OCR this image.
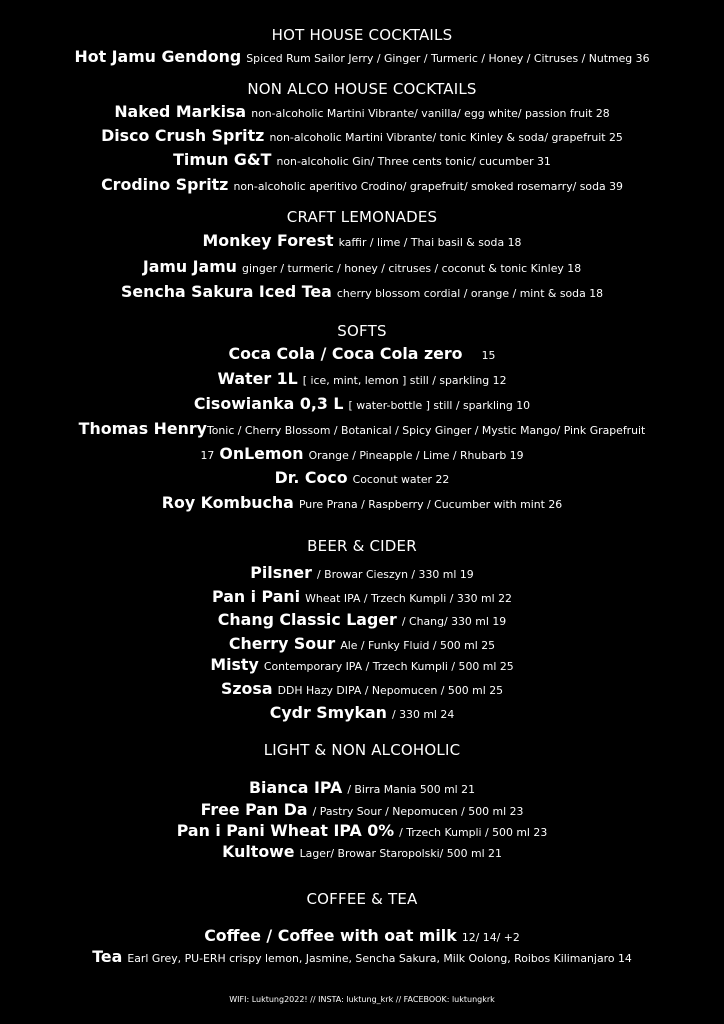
HOT HOUSE COCKTAILS
Hot Jamu Gendong Spiced Rum Sailor Jerry / Ginger / Turmeric / Honey / Citruses / Nutmeg 36
NON ALCO HOUSE COCKTAILS
Naked Markisa non-alcoholic Martini Vibrante/ vanilla/ egg white/ passion fruit 28
Disco Crush Spritz non-alcoholic Martini Vibrante/ tonic Kinley & soda/ grapefruit 25
Timun G&T non-alcoholic Gin/ Three cents tonic/ cucumber 31
Crodino Spritz non-alcoholic aperitivo Crodino/ grapefruit/ smoked rosemarry/ soda 39
CRAFT LEMONADES
Monkey Forest kaffir / lime / Thai basil & soda 18
Jamu Jamu ginger / turmeric / honey / citruses / coconut & tonic Kinley 18
Sencha Sakura Iced Tea cherry blossom cordial / orange / mint & soda 18
SOFTS
Coca Cola / Coca Cola zero 15
Water 1L [ ice, mint, lemon ] still / sparkling 12
Cisowianka 0,3 L [ water-bottle ] still / sparkling 10
Thomas HenryTonic / Cherry Blossom / Botanical / Spicy Ginger / Mystic Mango/ Pink Grapefruit
17 OnLemon Orange / Pineapple / Lime / Rhubarb 19
Dr. Coco Coconut water 22
Roy Kombucha Pure Prana / Raspberry / Cucumber with mint 26
BEER & CIDER
Pilsner / Browar Cieszyn / 330 ml 19
Pan i Pani Wheat IPA / Trzech Kumpli / 330 ml 22
Chang Classic Lager / Chang/ 330 ml 19
Cherry Sour Ale / Funky Fluid / 500 ml 25
Misty Contemporary IPA / Trzech Kumpli / 500 ml 25
Szosa DDH Hazy DIPA / Nepomucen / 500 ml 25
Cydr Smykan / 330 ml 24
LIGHT & NON ALCOHOLIC
Bianca IPA / Birra Mania 500 ml 21
Free Pan Da / Pastry Sour / Nepomucen / 500 ml 23
Pan i Pani Wheat IPA 0% / Trzech Kumpli / 500 ml 23
Kultowe Lager/ Browar Staropolski/ 500 ml 21
COFFEE & TEA
Coffee / Coffee with oat milk 12/ 14/ +2
Tea Earl Grey, PU-ERH crispy lemon, Jasmine, Sencha Sakura, Milk Oolong, Roibos Kilimanjaro 14
WIFI: Luktung2022! // INSTA: luktung_krk // FACEBOOK: luktungkrk
